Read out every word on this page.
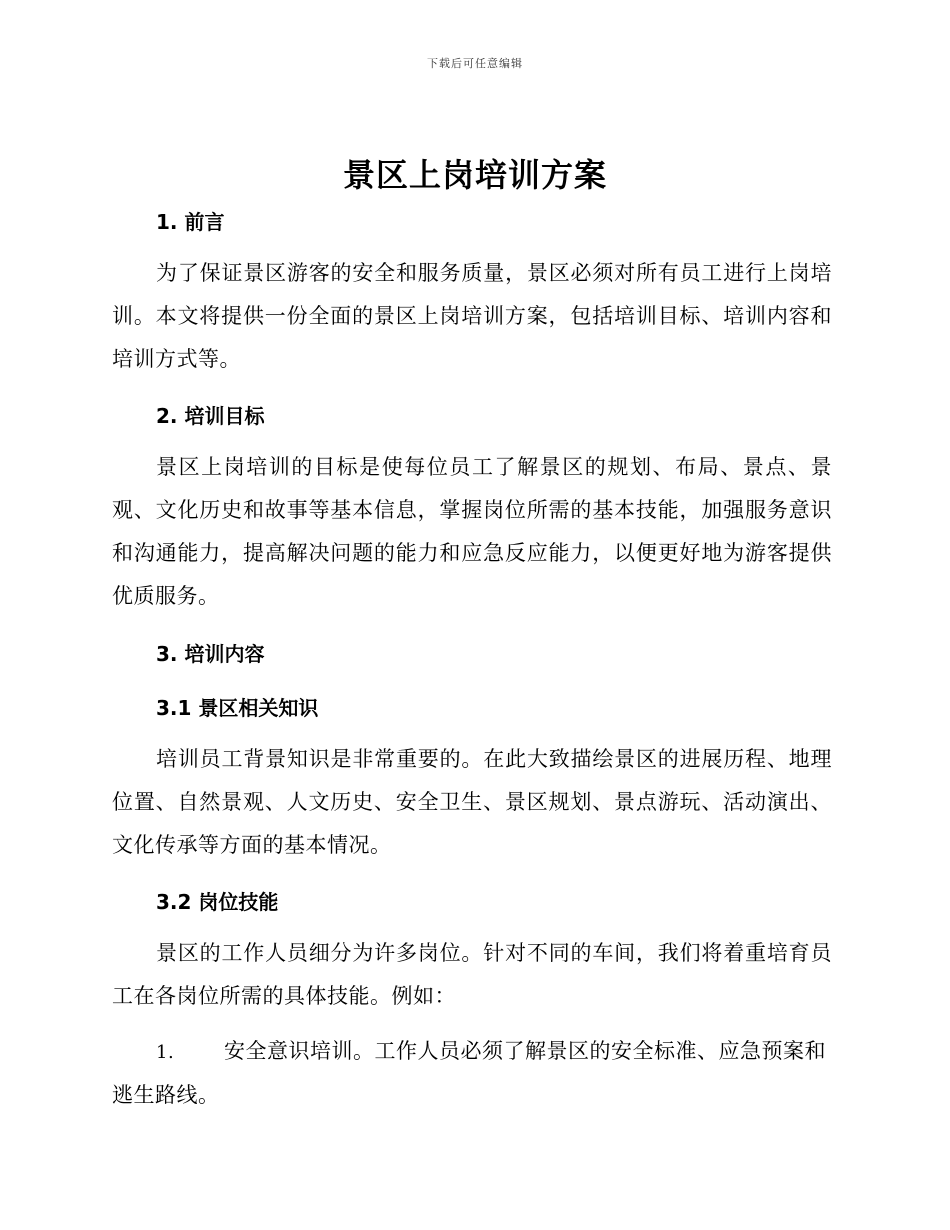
下载后可任意编辑
景区上岗培训方案
1. 前言
为了保证景区游客的安全和服务质量，景区必须对所有员工进行上岗培训。本文将提供一份全面的景区上岗培训方案，包括培训目标、培训内容和培训方式等。
2. 培训目标
景区上岗培训的目标是使每位员工了解景区的规划、布局、景点、景观、文化历史和故事等基本信息，掌握岗位所需的基本技能，加强服务意识和沟通能力，提高解决问题的能力和应急反应能力，以便更好地为游客提供优质服务。
3. 培训内容
3.1 景区相关知识
培训员工背景知识是非常重要的。在此大致描绘景区的进展历程、地理位置、自然景观、人文历史、安全卫生、景区规划、景点游玩、活动演出、文化传承等方面的基本情况。
3.2 岗位技能
景区的工作人员细分为许多岗位。针对不同的车间，我们将着重培育员工在各岗位所需的具体技能。例如：
1. 安全意识培训。工作人员必须了解景区的安全标准、应急预案和逃生路线。
